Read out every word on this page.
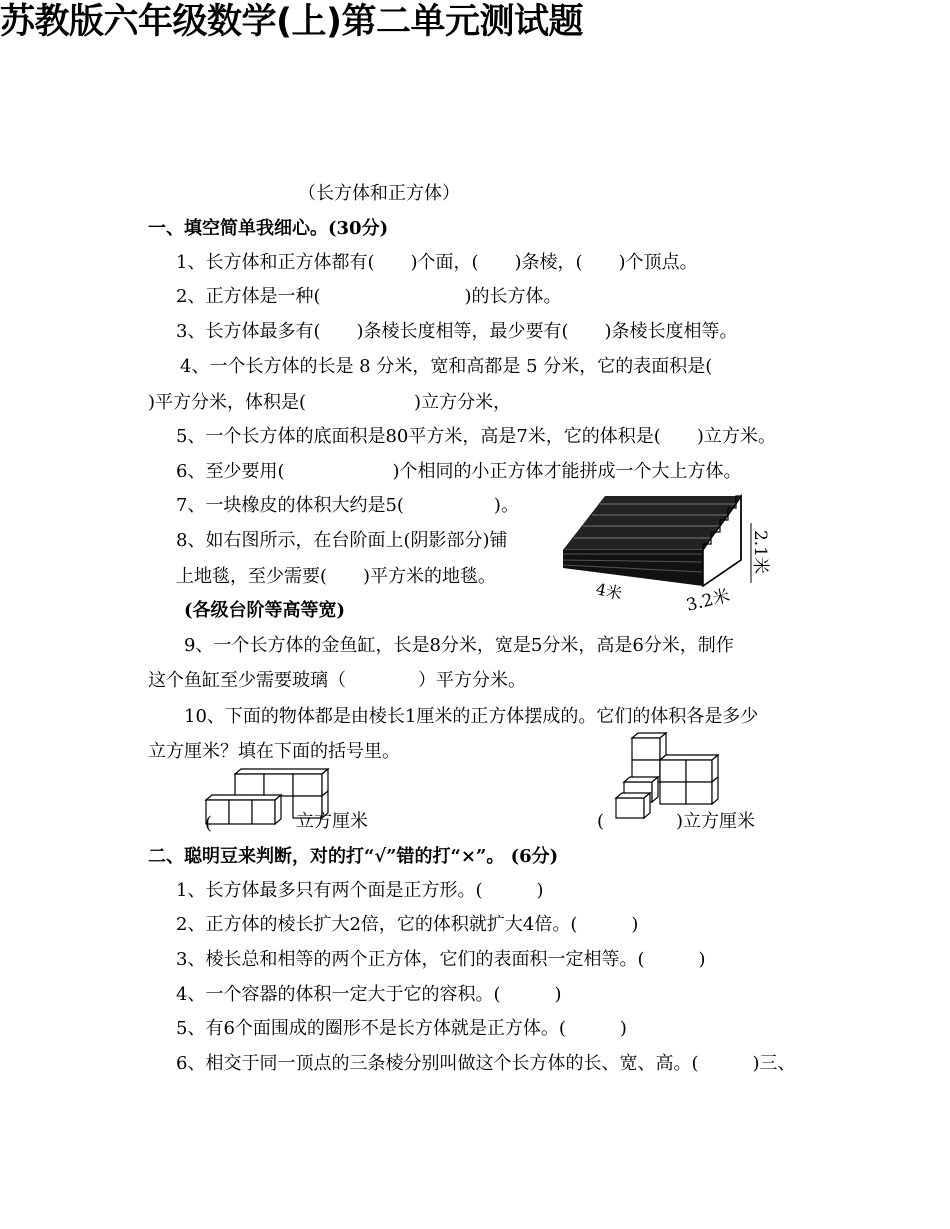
苏教版六年级数学(上)第二单元测试题
（长方体和正方体）
一、填空简单我细心。(30分)
1、长方体和正方体都有(　　)个面，(　　)条棱，(　　)个顶点。
2、正方体是一种(　　　　　　　　)的长方体。
3、长方体最多有(　　)条棱长度相等，最少要有(　　)条棱长度相等。
4、一个长方体的长是 8 分米，宽和高都是 5 分米，它的表面积是(
)平方分米，体积是(　　　　　　)立方分米，
5、一个长方体的底面积是80平方米，高是7米，它的体积是(　　)立方米。
6、至少要用(　　　　　　)个相同的小正方体才能拼成一个大上方体。
7、一块橡皮的体积大约是5(　　　　　)。
8、如右图所示，在台阶面上(阴影部分)铺
上地毯，至少需要(　　)平方米的地毯。
(各级台阶等高等宽)
2.1米
4米	3.2米
9、一个长方体的金鱼缸，长是8分米，宽是5分米，高是6分米，制作
这个鱼缸至少需要玻璃（　　　　）平方分米。
10、下面的物体都是由棱长1厘米的正方体摆成的。它们的体积各是多少
立方厘米？填在下面的括号里。
(	立方厘米	(　　　　)立方厘米
二、聪明豆来判断，对的打“√”错的打“×”。 (6分)
1、长方体最多只有两个面是正方形。(　　　)
2、正方体的棱长扩大2倍，它的体积就扩大4倍。(　　　)
3、棱长总和相等的两个正方体，它们的表面积一定相等。(　　　)
4、一个容器的体积一定大于它的容积。(　　　)
5、有6个面围成的圈形不是长方体就是正方体。(　　　)
6、相交于同一顶点的三条棱分别叫做这个长方体的长、宽、高。(　　　)三、
